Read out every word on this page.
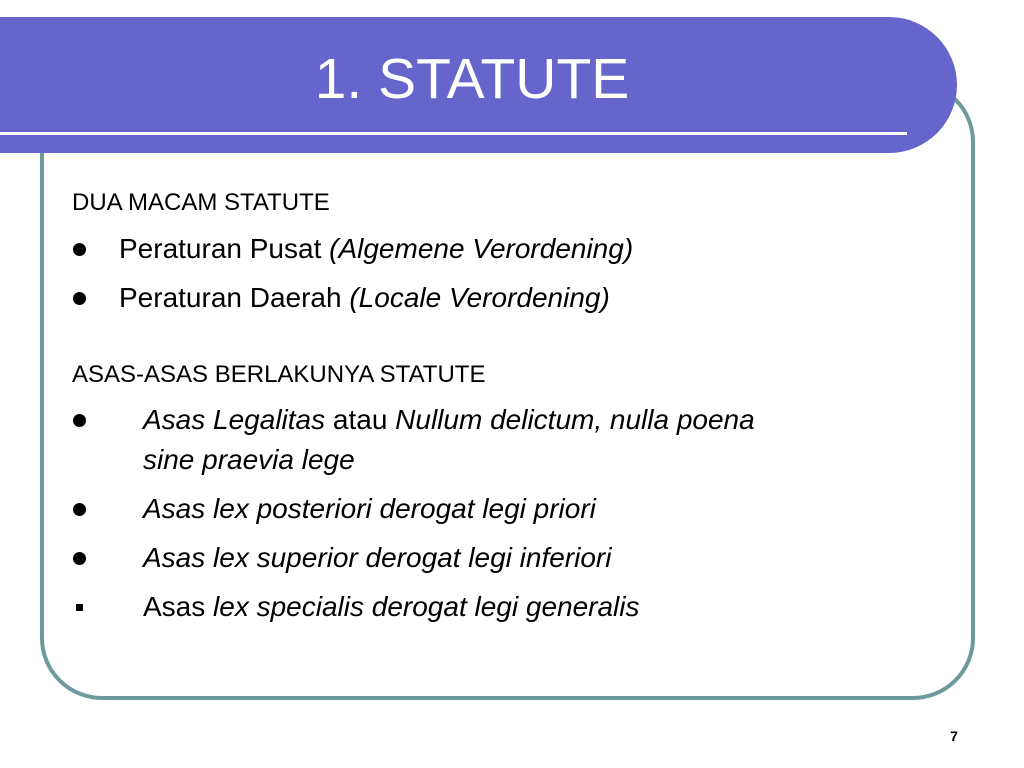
1. STATUTE
DUA MACAM STATUTE
Peraturan Pusat (Algemene Verordening)
Peraturan Daerah (Locale Verordening)
ASAS-ASAS BERLAKUNYA STATUTE
Asas Legalitas atau Nullum delictum, nulla poena
sine praevia lege
Asas lex posteriori derogat legi priori
Asas lex superior derogat legi inferiori
Asas lex specialis derogat legi generalis
7
